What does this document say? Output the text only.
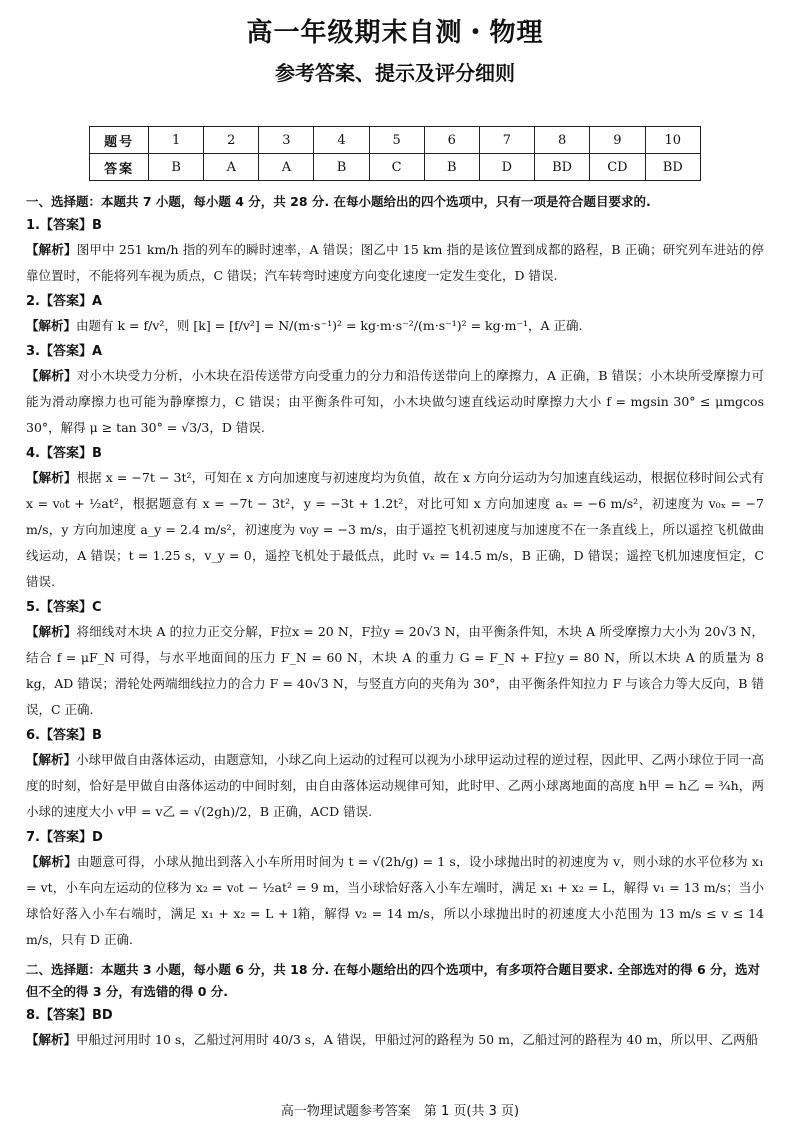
高一年级期末自测・物理
参考答案、提示及评分细则
题号	1	2	3	4	5	6	7	8	9	10
答案	B	A	A	B	C	B	D	BD	CD	BD
一、选择题：本题共 7 小题，每小题 4 分，共 28 分. 在每小题给出的四个选项中，只有一项是符合题目要求的.
1.【答案】B
【解析】图甲中 251 km/h 指的列车的瞬时速率，A 错误；图乙中 15 km 指的是该位置到成都的路程，B 正确；研究列车进站的停靠位置时，不能将列车视为质点，C 错误；汽车转弯时速度方向变化速度一定发生变化，D 错误.
2.【答案】A
【解析】由题有 k = f/v²，则 [k] = [f/v²] = N/(m·s⁻¹)² = kg·m·s⁻²/(m·s⁻¹)² = kg·m⁻¹，A 正确.
3.【答案】A
【解析】对小木块受力分析，小木块在沿传送带方向受重力的分力和沿传送带向上的摩擦力，A 正确，B 错误；小木块所受摩擦力可能为滑动摩擦力也可能为静摩擦力，C 错误；由平衡条件可知，小木块做匀速直线运动时摩擦力大小 f = mgsin 30° ≤ μmgcos 30°，解得 μ ≥ tan 30° = √3/3，D 错误.
4.【答案】B
【解析】根据 x = −7t − 3t²，可知在 x 方向加速度与初速度均为负值，故在 x 方向分运动为匀加速直线运动，根据位移时间公式有 x = v₀t + ½at²，根据题意有 x = −7t − 3t²，y = −3t + 1.2t²，对比可知 x 方向加速度 aₓ = −6 m/s²，初速度为 v₀ₓ = −7 m/s，y 方向加速度 a_y = 2.4 m/s²，初速度为 v₀y = −3 m/s，由于遥控飞机初速度与加速度不在一条直线上，所以遥控飞机做曲线运动，A 错误；t = 1.25 s，v_y = 0，遥控飞机处于最低点，此时 vₓ = 14.5 m/s，B 正确，D 错误；遥控飞机加速度恒定，C 错误.
5.【答案】C
【解析】将细线对木块 A 的拉力正交分解，F拉x = 20 N，F拉y = 20√3 N，由平衡条件知，木块 A 所受摩擦力大小为 20√3 N，结合 f = μF_N 可得，与水平地面间的压力 F_N = 60 N，木块 A 的重力 G = F_N + F拉y = 80 N，所以木块 A 的质量为 8 kg，AD 错误；滑轮处两端细线拉力的合力 F = 40√3 N，与竖直方向的夹角为 30°，由平衡条件知拉力 F 与该合力等大反向，B 错误，C 正确.
6.【答案】B
【解析】小球甲做自由落体运动，由题意知，小球乙向上运动的过程可以视为小球甲运动过程的逆过程，因此甲、乙两小球位于同一高度的时刻，恰好是甲做自由落体运动的中间时刻，由自由落体运动规律可知，此时甲、乙两小球离地面的高度 h甲 = h乙 = ¾h，两小球的速度大小 v甲 = v乙 = √(2gh)/2，B 正确，ACD 错误.
7.【答案】D
【解析】由题意可得，小球从抛出到落入小车所用时间为 t = √(2h/g) = 1 s，设小球抛出时的初速度为 v，则小球的水平位移为 x₁ = vt，小车向左运动的位移为 x₂ = v₀t − ½at² = 9 m，当小球恰好落入小车左端时，满足 x₁ + x₂ = L，解得 v₁ = 13 m/s；当小球恰好落入小车右端时，满足 x₁ + x₂ = L + l箱，解得 v₂ = 14 m/s，所以小球抛出时的初速度大小范围为 13 m/s ≤ v ≤ 14 m/s，只有 D 正确.
二、选择题：本题共 3 小题，每小题 6 分，共 18 分. 在每小题给出的四个选项中，有多项符合题目要求. 全部选对的得 6 分，选对但不全的得 3 分，有选错的得 0 分.
8.【答案】BD
【解析】甲船过河用时 10 s，乙船过河用时 40/3 s，A 错误，甲船过河的路程为 50 m，乙船过河的路程为 40 m，所以甲、乙两船
高一物理试题参考答案　第 1 页(共 3 页)
